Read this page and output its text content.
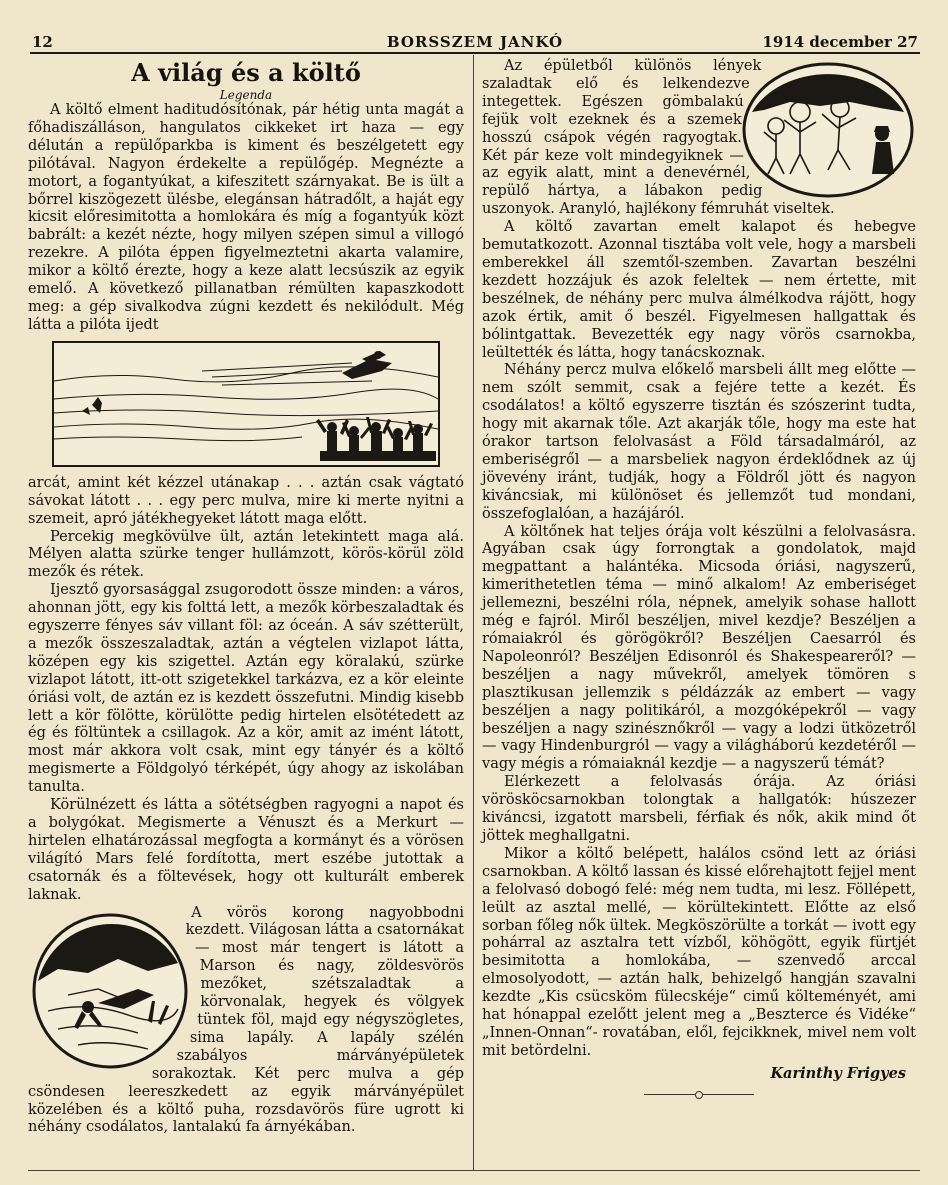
12	BORSSZEM JANKÓ	1914 december 27

A világ és a költő

Legenda

A költő elment haditudósítónak, pár hétig unta magát a főhadiszálláson, hangulatos cikkeket irt haza — egy délután a repülőparkba is kiment és beszélgetett egy pilótával. Nagyon érdekelte a repülőgép. Megnézte a motort, a fogantyúkat, a kifeszitett szárnyakat. Be is ült a bőrrel kiszögezett ülésbe, elegánsan hátradőlt, a haját egy kicsit előresimitotta a homlokára és míg a fogantyúk közt babrált: a kezét nézte, hogy milyen szépen simul a villogó rezekre. A pilóta éppen figyelmeztetni akarta valamire, mikor a költő érezte, hogy a keze alatt lecsúszik az egyik emelő. A következő pillanatban rémülten kapaszkodott meg: a gép sivalkodva zúgni kezdett és nekilódult. Még látta a pilóta ijedt

arcát, amint két kézzel utánakap . . . aztán csak vágtató sávokat látott . . . egy perc mulva, mire ki merte nyitni a szemeit, apró játékhegyeket látott maga előtt.

Percekig megkövülve ült, aztán letekintett maga alá. Mélyen alatta szürke tenger hullámzott, körös-körül zöld mezők és rétek.

Ijesztő gyorsasággal zsugorodott össze minden: a város, ahonnan jött, egy kis folttá lett, a mezők körbeszaladtak és egyszerre fényes sáv villant föl: az óceán. A sáv szétterült, a mezők összeszaladtak, aztán a végtelen vizlapot látta, középen egy kis szigettel. Aztán egy köralakú, szürke vizlapot látott, itt-ott szigetekkel tarkázva, ez a kör eleinte óriási volt, de aztán ez is kezdett összefutni. Mindig kisebb lett a kör fölötte, körülötte pedig hirtelen elsötétedett az ég és föltüntek a csillagok. Az a kör, amit az imént látott, most már akkora volt csak, mint egy tányér és a költő megismerte a Földgolyó térképét, úgy ahogy az iskolában tanulta.

Körülnézett és látta a sötétségben ragyogni a napot és a bolygókat. Megismerte a Vénuszt és a Merkurt — hirtelen elhatározással megfogta a kormányt és a vörösen világító Mars felé fordította, mert eszébe jutottak a csatornák és a föltevések, hogy ott kulturált emberek laknak.

A vörös korong nagyobbodni kezdett. Világosan látta a csatornákat — most már tengert is látott a Marson és nagy, zöldesvörös mezőket, szétszaladtak a körvonalak, hegyek és völgyek tüntek föl, majd egy négyszögletes, sima lapály. A lapály szélén szabályos márványépületek sorakoztak. Két perc mulva a gép csöndesen leereszkedett az egyik márványépület közelében és a költő puha, rozsdavörös füre ugrott ki néhány csodálatos, lantalakú fa árnyékában.

Az épületből különös lények szaladtak elő és lelkendezve integettek. Egészen gömbalakú fejük volt ezeknek és a szemek hosszú csápok végén ragyogtak. Két pár keze volt mindegyiknek — az egyik alatt, mint a denevérnél, repülő hártya, a lábakon pedig uszonyok. Aranyló, hajlékony fémruhát viseltek.

A költő zavartan emelt kalapot és hebegve bemutatkozott. Azonnal tisztába volt vele, hogy a marsbeli emberekkel áll szemtől-szemben. Zavartan beszélni kezdett hozzájuk és azok feleltek — nem értette, mit beszélnek, de néhány perc mulva álmélkodva rájött, hogy azok értik, amit ő beszél. Figyelmesen hallgattak és bólintgattak. Bevezették egy nagy vörös csarnokba, leültették és látta, hogy tanácskoznak.

Néhány percz mulva előkelő marsbeli állt meg előtte — nem szólt semmit, csak a fejére tette a kezét. És csodálatos! a költő egyszerre tisztán és szószerint tudta, hogy mit akarnak tőle. Azt akarják tőle, hogy ma este hat órakor tartson felolvasást a Föld társadalmáról, az emberiségről — a marsbeliek nagyon érdeklődnek az új jövevény iránt, tudják, hogy a Földről jött és nagyon kiváncsiak, mi különöset és jellemzőt tud mondani, összefoglalóan, a hazájáról.

A költőnek hat teljes órája volt készülni a felolvasásra. Agyában csak úgy forrongtak a gondolatok, majd megpattant a halántéka. Micsoda óriási, nagyszerű, kimerithetetlen téma — minő alkalom! Az emberiséget jellemezni, beszélni róla, népnek, amelyik sohase hallott még e fajról. Miről beszéljen, mivel kezdje? Beszéljen a rómaiakról és görögökről? Beszéljen Caesarról és Napoleonról? Beszéljen Edisonról és Shakespeareről? — beszéljen a nagy művekről, amelyek tömören s plasztikusan jellemzik s példázzák az embert — vagy beszéljen a nagy politikáról, a mozgóképekről — vagy beszéljen a nagy szinésznőkről — vagy a lodzi ütközetről — vagy Hindenburgról — vagy a világháború kezdetéről — vagy mégis a rómaiaknál kezdje — a nagyszerű témát?

Elérkezett a felolvasás órája. Az óriási vörösköcsarnokban tolongtak a hallgatók: húszezer kiváncsi, izgatott marsbeli, férfiak és nők, akik mind őt jöttek meghallgatni.

Mikor a költő belépett, halálos csönd lett az óriási csarnokban. A költő lassan és kissé előrehajtott fejjel ment a felolvasó dobogó felé: még nem tudta, mi lesz. Föllépett, leült az asztal mellé, — körültekintett. Előtte az első sorban főleg nők ültek. Megköszörülte a torkát — ivott egy pohárral az asztalra tett vízből, köhögött, egyik fürtjét besimitotta a homlokába, — szenvedő arccal elmosolyodott, — aztán halk, behizelgő hangján szavalni kezdte „Kis csücsköm fülecskéje“ cimű költeményét, ami hat hónappal ezelőtt jelent meg a „Beszterce és Vidéke“ „Innen-Onnan“- rovatában, elől, fejcikknek, mivel nem volt mit betördelni.

Karinthy Frigyes
